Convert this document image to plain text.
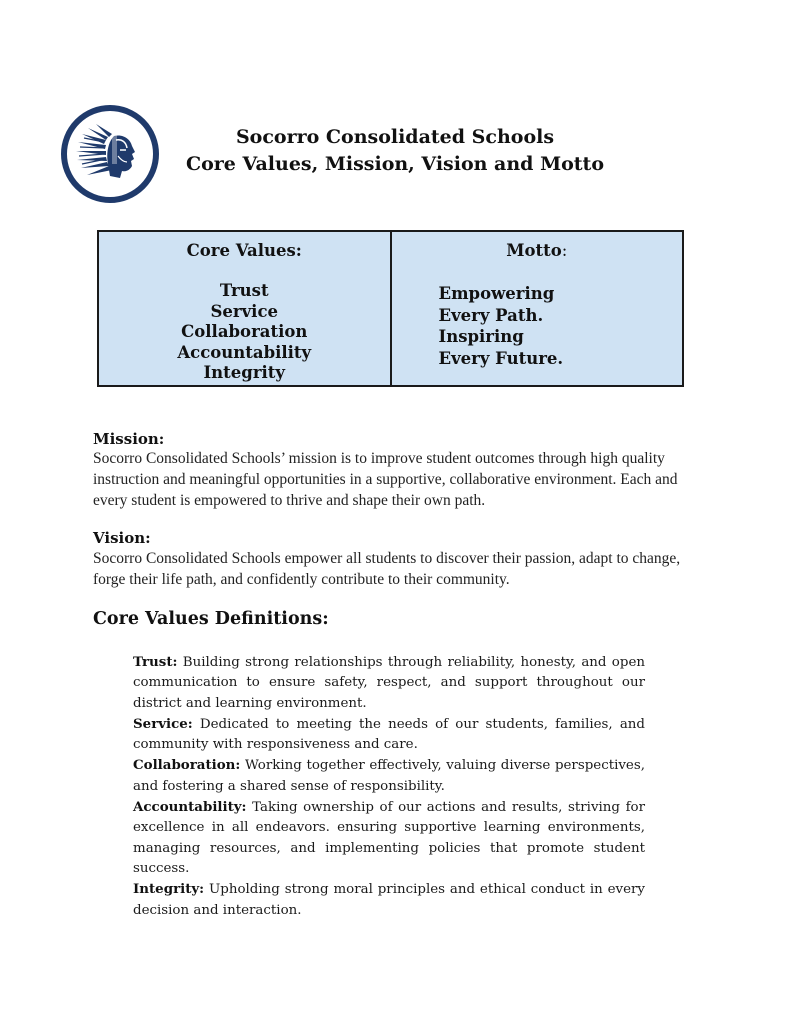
Socorro Consolidated Schools
Core Values, Mission, Vision and Motto
Core Values:
Trust
Service
Collaboration
Accountability
Integrity
Motto:
Empowering
Every Path.
Inspiring
Every Future.
Mission:
Socorro Consolidated Schools’ mission is to improve student outcomes through high quality instruction and meaningful opportunities in a supportive, collaborative environment. Each and every student is empowered to thrive and shape their own path.
Vision:
Socorro Consolidated Schools empower all students to discover their passion, adapt to change, forge their life path, and confidently contribute to their community.
Core Values Definitions:

Trust: Building strong relationships through reliability, honesty, and open communication to ensure safety, respect, and support throughout our district and learning environment.

Service: Dedicated to meeting the needs of our students, families, and community with responsiveness and care.

Collaboration: Working together effectively, valuing diverse perspectives, and fostering a shared sense of responsibility.

Accountability: Taking ownership of our actions and results, striving for excellence in all endeavors. ensuring supportive learning environments, managing resources, and implementing policies that promote student success.

Integrity: Upholding strong moral principles and ethical conduct in every decision and interaction.
